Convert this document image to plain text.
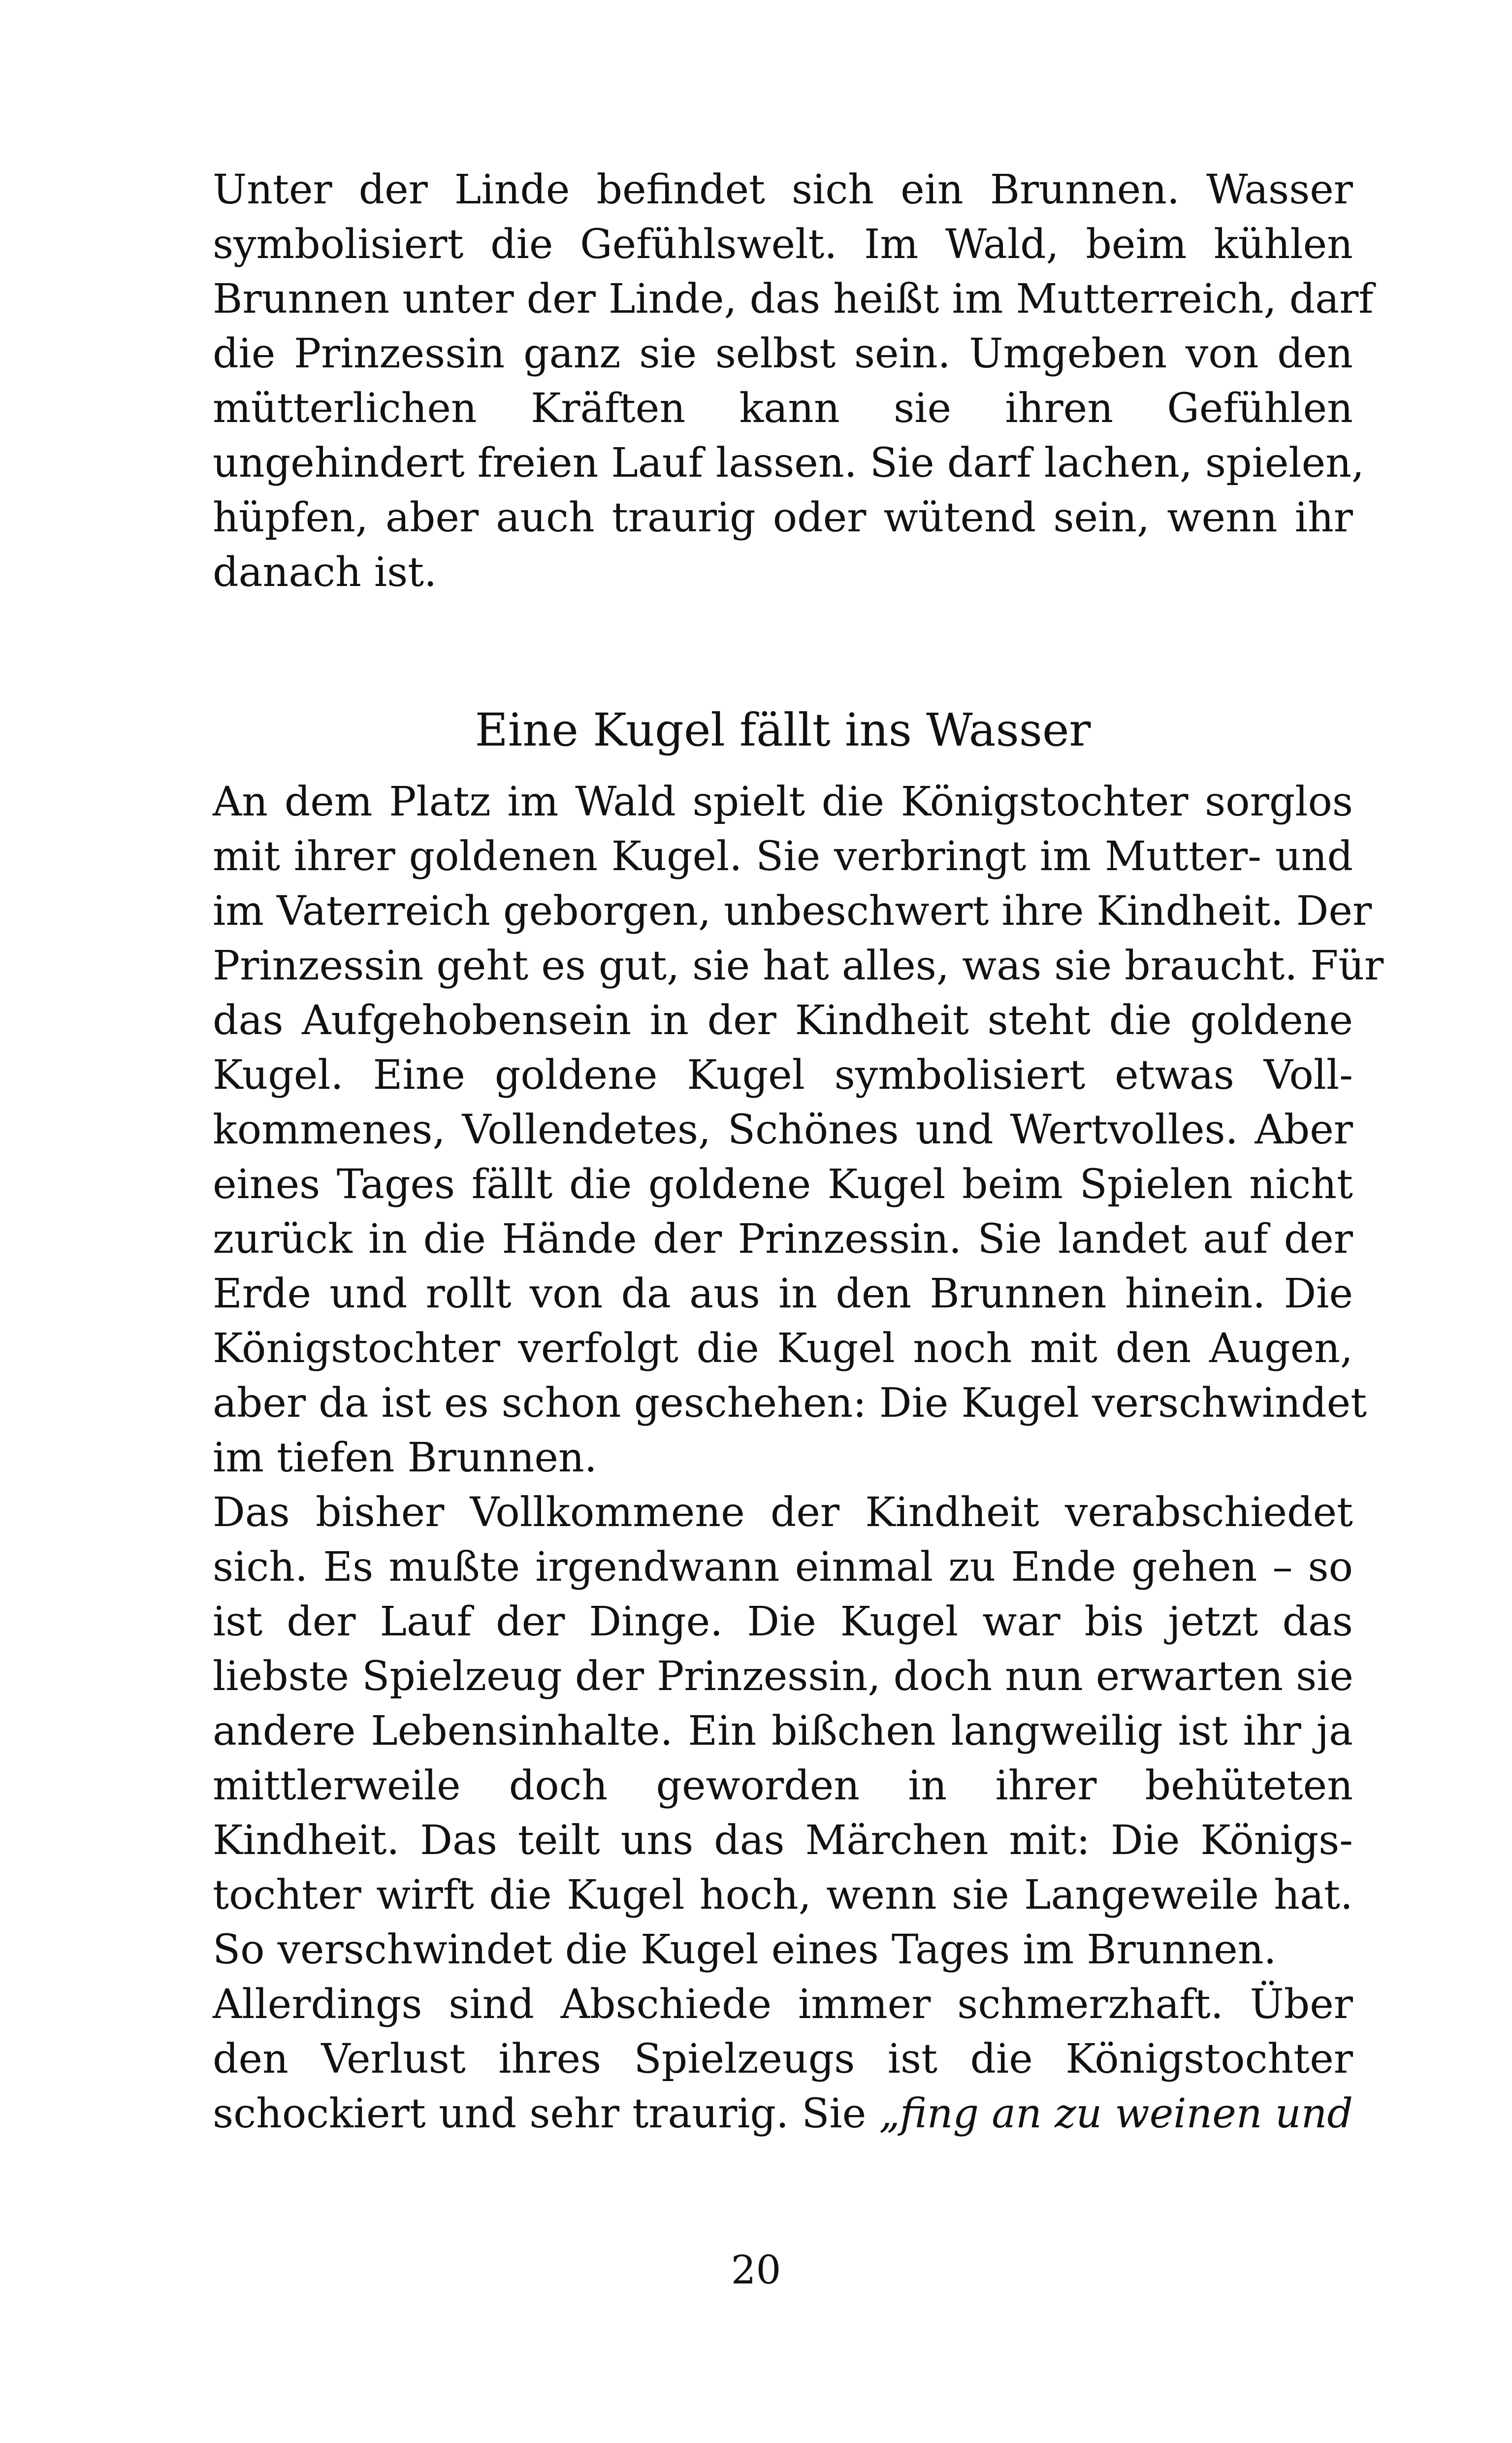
Unter der Linde befindet sich ein Brunnen. Wasser
symbolisiert die Gefühlswelt. Im Wald, beim kühlen
Brunnen unter der Linde, das heißt im Mutterreich, darf
die Prinzessin ganz sie selbst sein. Umgeben von den
mütterlichen Kräften kann sie ihren Gefühlen
ungehindert freien Lauf lassen. Sie darf lachen, spielen,
hüpfen, aber auch traurig oder wütend sein, wenn ihr
danach ist.
Eine Kugel fällt ins Wasser
An dem Platz im Wald spielt die Königstochter sorglos
mit ihrer goldenen Kugel. Sie verbringt im Mutter- und
im Vaterreich geborgen, unbeschwert ihre Kindheit. Der
Prinzessin geht es gut, sie hat alles, was sie braucht. Für
das Aufgehobensein in der Kindheit steht die goldene
Kugel. Eine goldene Kugel symbolisiert etwas Voll-
kommenes, Vollendetes, Schönes und Wertvolles. Aber
eines Tages fällt die goldene Kugel beim Spielen nicht
zurück in die Hände der Prinzessin. Sie landet auf der
Erde und rollt von da aus in den Brunnen hinein. Die
Königstochter verfolgt die Kugel noch mit den Augen,
aber da ist es schon geschehen: Die Kugel verschwindet
im tiefen Brunnen.
Das bisher Vollkommene der Kindheit verabschiedet
sich. Es mußte irgendwann einmal zu Ende gehen – so
ist der Lauf der Dinge. Die Kugel war bis jetzt das
liebste Spielzeug der Prinzessin, doch nun erwarten sie
andere Lebensinhalte. Ein bißchen langweilig ist ihr ja
mittlerweile doch geworden in ihrer behüteten
Kindheit. Das teilt uns das Märchen mit: Die Königs-
tochter wirft die Kugel hoch, wenn sie Langeweile hat.
So verschwindet die Kugel eines Tages im Brunnen.
Allerdings sind Abschiede immer schmerzhaft. Über
den Verlust ihres Spielzeugs ist die Königstochter
schockiert und sehr traurig. Sie „fing an zu weinen und
20
